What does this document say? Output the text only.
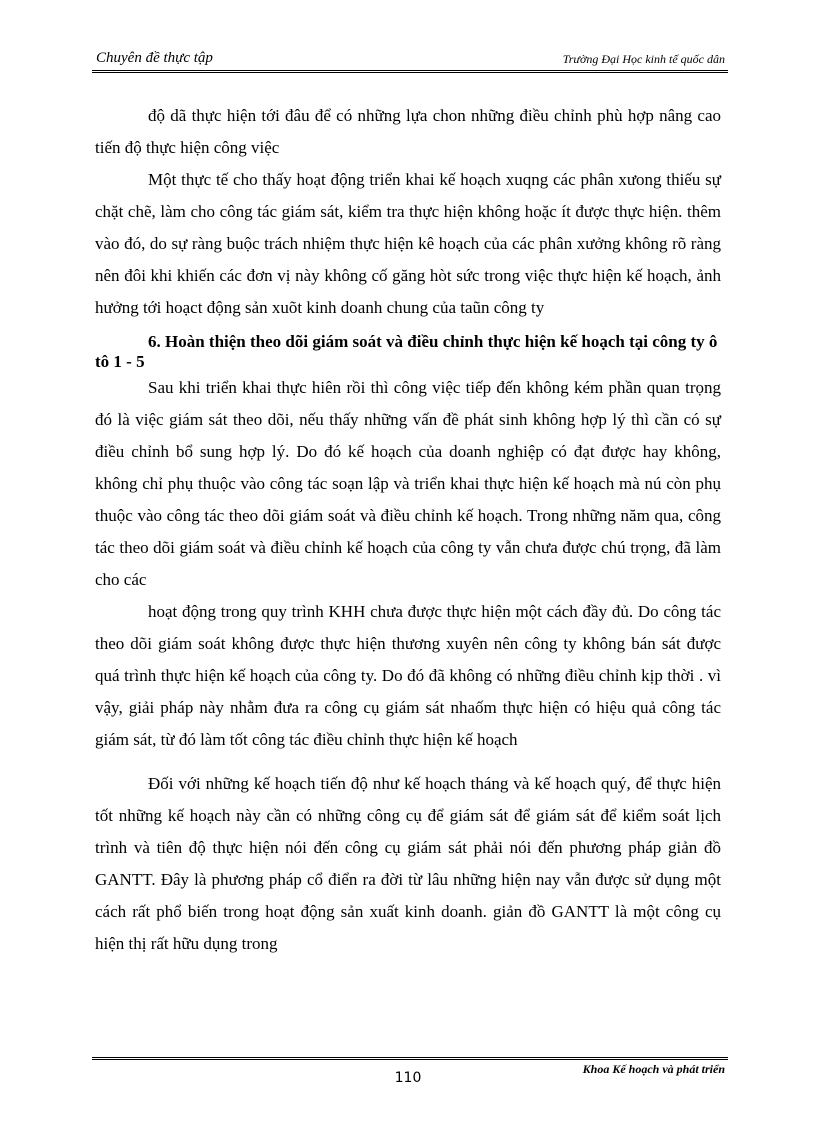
Chuyên đề thực tập	Trường Đại Học kinh tế quốc dân

độ dã thực hiện tới đâu để có những lựa chon những điều chỉnh phù hợp nâng cao tiến độ thực hiện công việc

Một thực tế cho thấy hoạt động triển khai kế hoạch xuqng các phân xưong thiếu sự chặt chẽ, làm cho công tác giám sát, kiểm tra thực hiện không hoặc ít được thực hiện. thêm vào đó, do sự ràng buộc trách nhiệm thực hiện kê hoạch của các phân xưởng không rõ ràng nên đôi khi khiến các đơn vị này không cố găng hòt sức trong việc thực hiện kế hoạch, ảnh hưởng tới hoạct động sản xuõt kinh doanh chung của taũn công ty

6. Hoàn thiện theo dõi giám soát và điều chỉnh thực hiện kế hoạch tại công ty ô tô 1 - 5

Sau khi triển khai thực hiên rồi thì công việc tiếp đến không kém phần quan trọng đó là việc giám sát theo dõi, nếu thấy những vấn đề phát sinh không hợp lý thì cần có sự điều chỉnh bổ sung hợp lý. Do đó kế hoạch của doanh nghiệp có đạt được hay không, không chỉ phụ thuộc vào công tác soạn lập và triển khai thực hiện kế hoạch mà nú còn phụ thuộc vào công tác theo dõi giám soát và điều chỉnh kế hoạch. Trong những năm qua, công tác theo dõi giám soát và điều chỉnh kế hoạch của công ty vẫn chưa được chú trọng, đã làm cho các

hoạt động trong quy trình KHH chưa được thực hiện một cách đầy đủ. Do công tác theo dõi giám soát không được thực hiện thương xuyên nên công ty không bán sát được quá trình thực hiện kế hoạch của công ty. Do đó đã không có những điều chỉnh kịp thời . vì vậy, giải pháp này nhằm đưa ra công cụ giám sát nhaốm thực hiện có hiệu quả công tác giám sát, từ đó làm tốt công tác điều chỉnh thực hiện kế hoạch

Đối với những kế hoạch tiến độ như kế hoạch tháng và kế hoạch quý, để thực hiện tốt những kế hoạch này cần có những công cụ để giám sát để giám sát để kiểm soát lịch trình và tiên độ thực hiện nói đến công cụ giám sát phải nói đến phương pháp giản đồ GANTT. Đây là phương pháp cổ điển ra đời từ lâu những hiện nay vẫn được sử dụng một cách rất phổ biến trong hoạt động sản xuất kinh doanh. giản đồ GANTT là một công cụ hiện thị rất hữu dụng trong

Khoa Kế hoạch và phát triển
110
